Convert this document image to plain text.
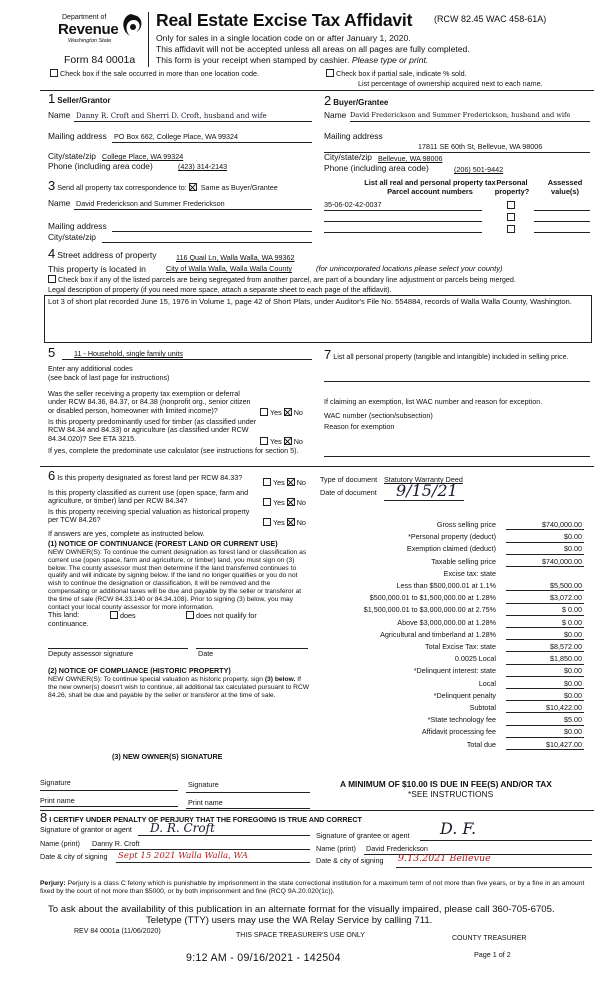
Department of
Revenue
Washington State
Form 84 0001a
Real Estate Excise Tax Affidavit (RCW 82.45 WAC 458-61A)
Only for sales in a single location code on or after January 1, 2020.
This affidavit will not be accepted unless all areas on all pages are fully completed.
This form is your receipt when stamped by cashier. Please type or print.
Check box if the sale occurred in more than one location code.	Check box if partial sale, indicate % sold.
List percentage of ownership acquired next to each name.
1 Seller/Grantor
Name Danny R. Croft and Sherri D. Croft, husband and wife
Mailing address PO Box 662, College Place, WA 99324
City/state/zip College Place, WA 99324
Phone (including area code)	(423) 314-2143
2 Buyer/Grantee
Name David Frederickson and Summer Frederickson, husband and wife
Mailing address
17811 SE 60th St, Bellevue, WA 98006
City/state/zip Bellevue, WA 98006
Phone (including area code)	(206) 501-9442
3 Send all property tax correspondence to: Same as Buyer/Grantee
Name David Frederickson and Summer Frederickson
Mailing address
City/state/zip
List all real and personal property tax
Parcel account numbers
Personal
property?
Assessed
value(s)
35-06-02-42-0037
4 Street address of property	116 Quail Ln, Walla Walla, WA 99362
This property is located in	City of Walla Walla, Walla Walla County	(for unincorporated locations please select your county)
Check box if any of the listed parcels are being segregated from another parcel, are part of a boundary line adjustment or parcels being merged.
Legal description of property (if you need more space, attach a separate sheet to each page of the affidavit).
Lot 3 of short plat recorded June 15, 1976 in Volume 1, page 42 of Short Plats, under Auditor's File No. 554884, records of Walla Walla County, Washington.
5	11 - Household, single family units
Enter any additional codes
(see back of last page for instructions)
Was the seller receiving a property tax exemption or deferral under RCW 84.36, 84.37, or 84.38 (nonprofit org., senior citizen or disabled person, homeowner with limited income)?	Yes No
Is this property predominantly used for timber (as classified under RCW 84.34 and 84.33) or agriculture (as classified under RCW 84.34.020)? See ETA 3215.	Yes No
If yes, complete the predominate use calculator (see instructions for section 5).
7 List all personal property (tangible and intangible) included in selling price.
If claiming an exemption, list WAC number and reason for exception.
WAC number (section/subsection)
Reason for exemption
6 Is this property designated as forest land per RCW 84.33?
Yes No
Is this property classified as current use (open space, farm and agriculture, or timber) land per RCW 84.34?	Yes No
Is this property receiving special valuation as historical property per TCW 84.26?	Yes No
If answers are yes, complete as instructed below.
(1) NOTICE OF CONTINUANCE (FOREST LAND OR CURRENT USE)
NEW OWNER(S): To continue the current designation as forest land or classification as current use (open space, farm and agriculture, or timber) land, you must sign on (3) below. The county assessor must then determine if the land transferred continues to qualify and will indicate by signing below. If the land no longer qualifies or you do not wish to continue the designation or classification, it will be removed and the compensating or additional taxes will be due and payable by the seller or transferor at the time of sale (RCW 84.33.140 or 84.34.108). Prior to signing (3) below, you may contact your local county assessor for more information.
This land:	does	does not qualify for
continuance.
Deputy assessor signature	Date
(2) NOTICE OF COMPLIANCE (HISTORIC PROPERTY)
NEW OWNER(S): To continue special valuation as historic property, sign (3) below. If the new owner(s) doesn't wish to continue, all additional tax calculated pursuant to RCW 84.26, shall be due and payable by the seller or transferor at the time of sale.
(3) NEW OWNER(S) SIGNATURE
Signature	Signature
Print name	Print name
Type of document Statutory Warranty Deed
Date of document 9/15/21
Gross selling price	$740,000.00
*Personal property (deduct)	$0.00
Exemption claimed (deduct)	$0.00
Taxable selling price	$740,000.00
Excise tax: state
Less than $500,000.01 at 1.1%	$5,500.00
$500,000.01 to $1,500,000.00 at 1.28%	$3,072.00
$1,500,000.01 to $3,000,000.00 at 2.75%	$ 0.00
Above $3,000,000.00 at 1.28%	$ 0.00
Agricultural and timberland at 1.28%	$0.00
Total Excise Tax: state	$8,572.00
0.0025 Local	$1,850.00
*Delinquent interest: state	$0.00
Local	$0.00
*Delinquent penalty	$0.00
Subtotal	$10,422.00
*State technology fee	$5.00
Affidavit processing fee	$0.00
Total due	$10,427.00
A MINIMUM OF $10.00 IS DUE IN FEE(S) AND/OR TAX
*SEE INSTRUCTIONS
8 I CERTIFY UNDER PENALTY OF PERJURY THAT THE FOREGOING IS TRUE AND CORRECT
Signature of grantor or agent D. R. Croft
Name (print) Danny R. Croft
Date & city of signing Sept 15 2021 Walla Walla, WA
Signature of grantee or agent D. F.
Name (print) David Frederickson
Date & city of signing 9.13.2021 Bellevue
Perjury: Perjury is a class C felony which is punishable by imprisonment in the state correctional institution for a maximum term of not more than five years, or by a fine in an amount fixed by the court of not more than $5000, or by both imprisonment and fine (RCQ 9A.20.020(1c)).
To ask about the availability of this publication in an alternate format for the visually impaired, please call 360-705-6705.
Teletype (TTY) users may use the WA Relay Service by calling 711.
REV 84 0001a (11/06/2020)
THIS SPACE TREASURER'S USE ONLY	COUNTY TREASURER
Page 1 of 2
9:12 AM - 09/16/2021 - 142504
